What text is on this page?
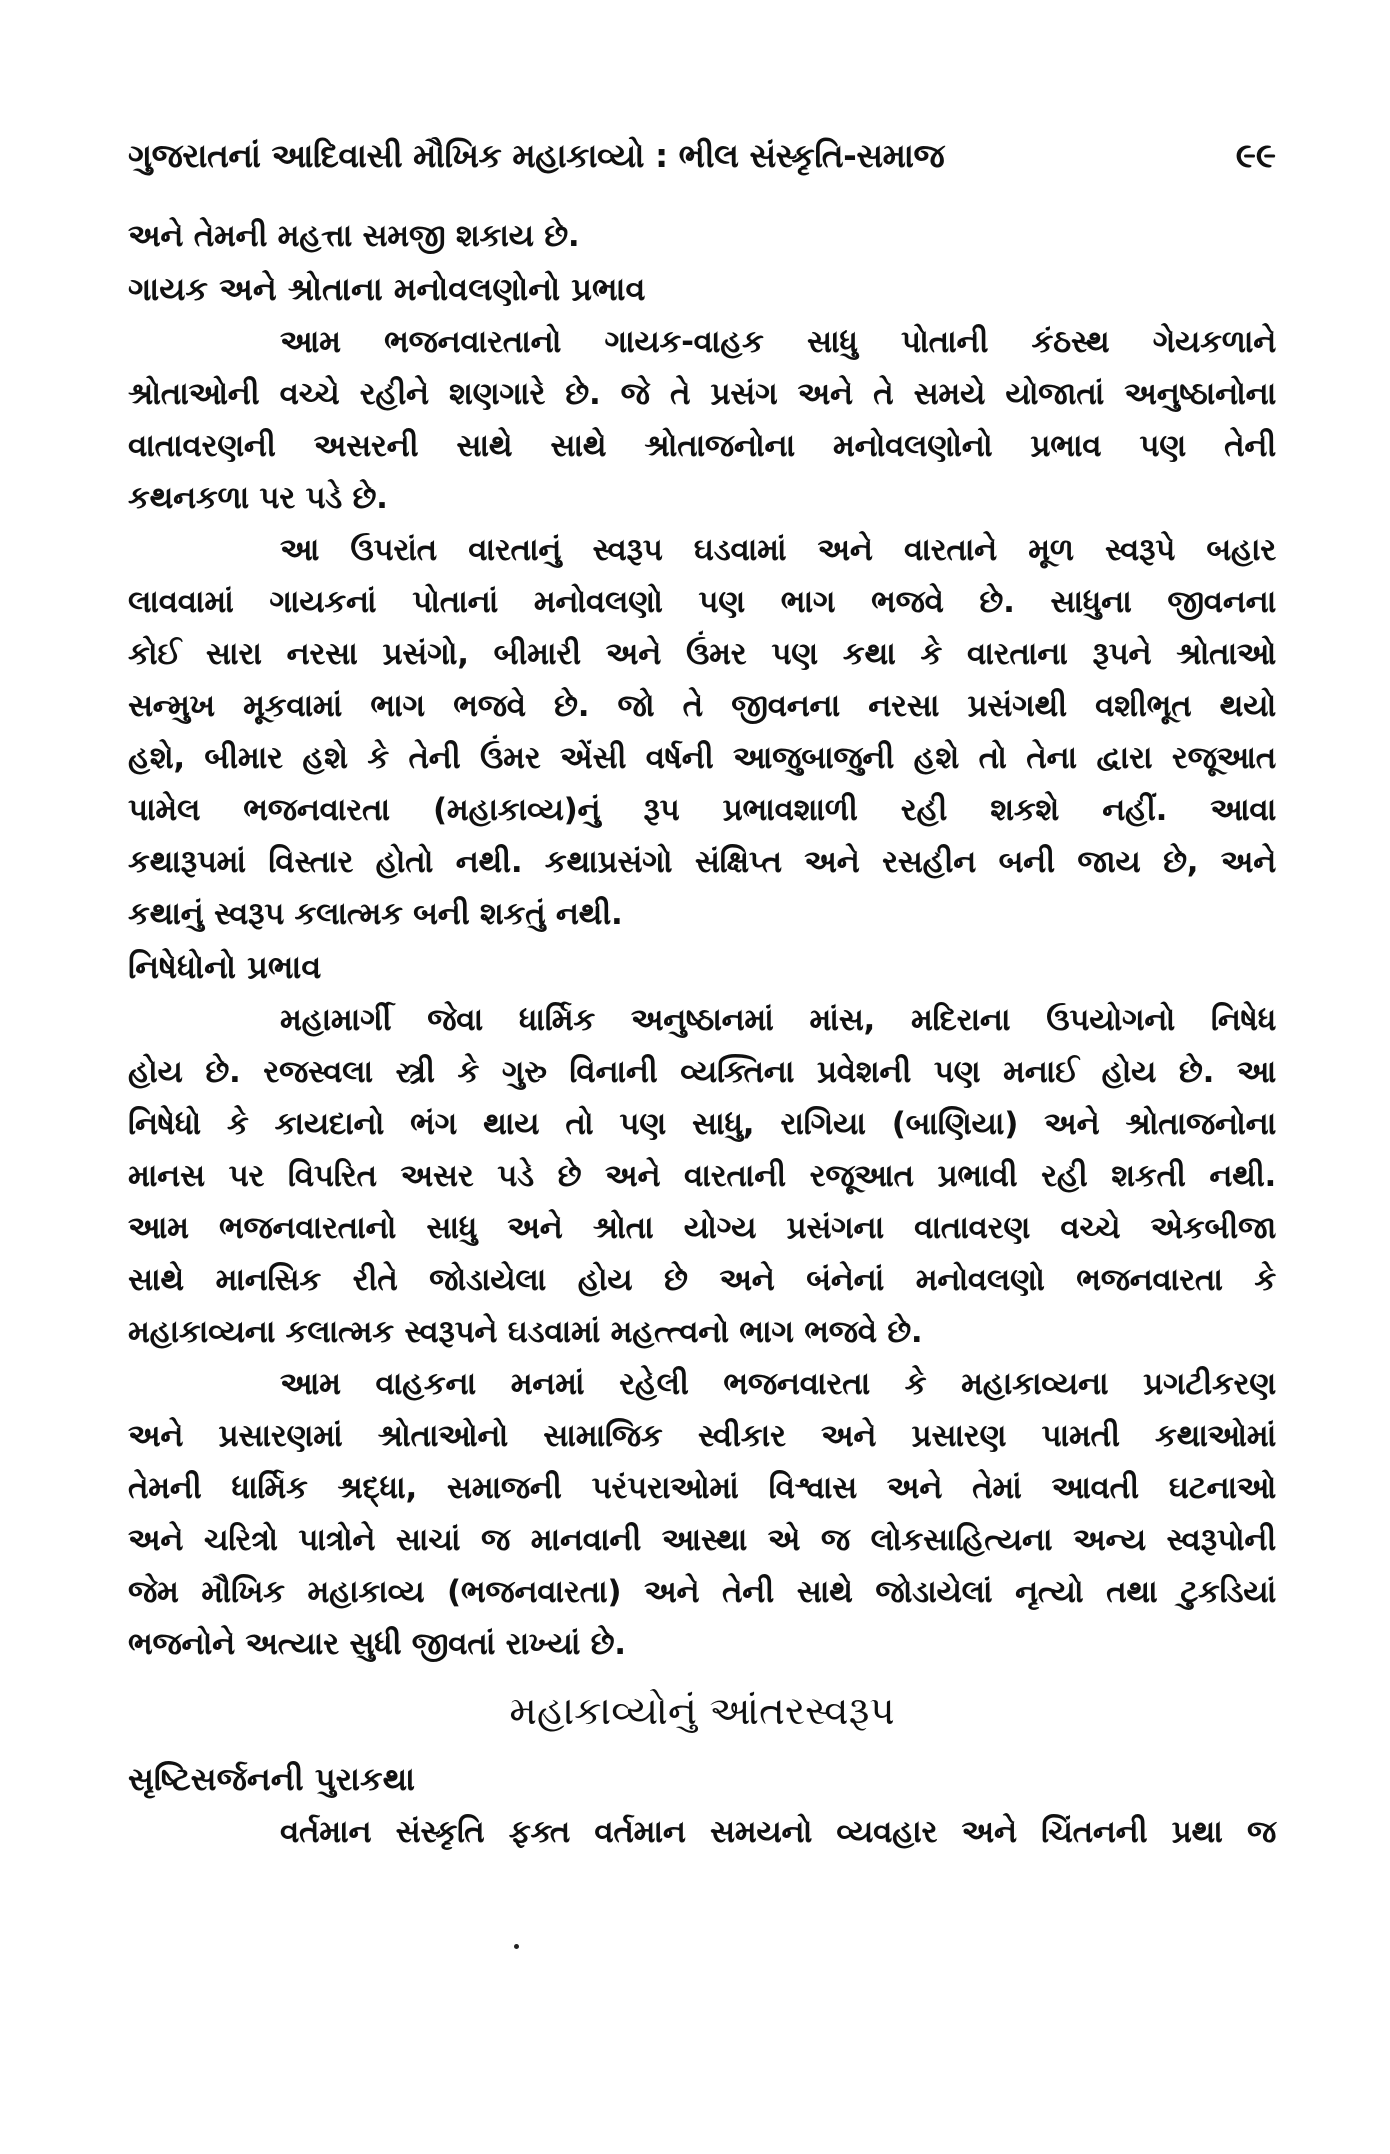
ગુજરાતનાં આદિવાસી મૌખિક મહાકાવ્યો : ભીલ સંસ્કૃતિ-સમાજ	૯૯
અને તેમની મહત્તા સમજી શકાય છે.
ગાયક અને શ્રોતાના મનોવલણોનો પ્રભાવ
આમ ભજનવારતાનો ગાયક-વાહક સાધુ પોતાની કંઠસ્થ ગેયકળાને
શ્રોતાઓની વચ્ચે રહીને શણગારે છે. જે તે પ્રસંગ અને તે સમયે યોજાતાં અનુષ્ઠાનોના
વાતાવરણની અસરની સાથે સાથે શ્રોતાજનોના મનોવલણોનો પ્રભાવ પણ તેની
કથનકળા પર પડે છે.
આ ઉપરાંત વારતાનું સ્વરૂપ ઘડવામાં અને વારતાને મૂળ સ્વરૂપે બહાર
લાવવામાં ગાયકનાં પોતાનાં મનોવલણો પણ ભાગ ભજવે છે. સાધુના જીવનના
કોઈ સારા નરસા પ્રસંગો, બીમારી અને ઉંમર પણ કથા કે વારતાના રૂપને શ્રોતાઓ
સન્મુખ મૂકવામાં ભાગ ભજવે છે. જો તે જીવનના નરસા પ્રસંગથી વશીભૂત થયો
હશે, બીમાર હશે કે તેની ઉંમર એંસી વર્ષની આજુબાજુની હશે તો તેના દ્વારા રજૂઆત
પામેલ ભજનવારતા (મહાકાવ્ય)નું રૂપ પ્રભાવશાળી રહી શકશે નહીં. આવા
કથારૂપમાં વિસ્તાર હોતો નથી. કથાપ્રસંગો સંક્ષિપ્ત અને રસહીન બની જાય છે, અને
કથાનું સ્વરૂપ કલાત્મક બની શકતું નથી.
નિષેધોનો પ્રભાવ
મહામાર્ગી જેવા ધાર્મિક અનુષ્ઠાનમાં માંસ, મદિરાના ઉપયોગનો નિષેધ
હોય છે. રજસ્વલા સ્ત્રી કે ગુરુ વિનાની વ્યક્તિના પ્રવેશની પણ મનાઈ હોય છે. આ
નિષેધો કે કાયદાનો ભંગ થાય તો પણ સાધુ, રાગિયા (બાણિયા) અને શ્રોતાજનોના
માનસ પર વિપરિત અસર પડે છે અને વારતાની રજૂઆત પ્રભાવી રહી શકતી નથી.
આમ ભજનવારતાનો સાધુ અને શ્રોતા યોગ્ય પ્રસંગના વાતાવરણ વચ્ચે એકબીજા
સાથે માનસિક રીતે જોડાયેલા હોય છે અને બંનેનાં મનોવલણો ભજનવારતા કે
મહાકાવ્યના કલાત્મક સ્વરૂપને ઘડવામાં મહત્ત્વનો ભાગ ભજવે છે.
આમ વાહકના મનમાં રહેલી ભજનવારતા કે મહાકાવ્યના પ્રગટીકરણ
અને પ્રસારણમાં શ્રોતાઓનો સામાજિક સ્વીકાર અને પ્રસારણ પામતી કથાઓમાં
તેમની ધાર્મિક શ્રદ્ધા, સમાજની પરંપરાઓમાં વિશ્વાસ અને તેમાં આવતી ઘટનાઓ
અને ચરિત્રો પાત્રોને સાચાં જ માનવાની આસ્થા એ જ લોકસાહિત્યના અન્ય સ્વરૂપોની
જેમ મૌખિક મહાકાવ્ય (ભજનવારતા) અને તેની સાથે જોડાયેલાં નૃત્યો તથા ટુકડિયાં
ભજનોને અત્યાર સુધી જીવતાં રાખ્યાં છે.
મહાકાવ્યોનું આંતરસ્વરૂપ
સૃષ્ટિસર્જનની પુરાકથા
વર્તમાન સંસ્કૃતિ ફક્ત વર્તમાન સમયનો વ્યવહાર અને ચિંતનની પ્રથા જ
